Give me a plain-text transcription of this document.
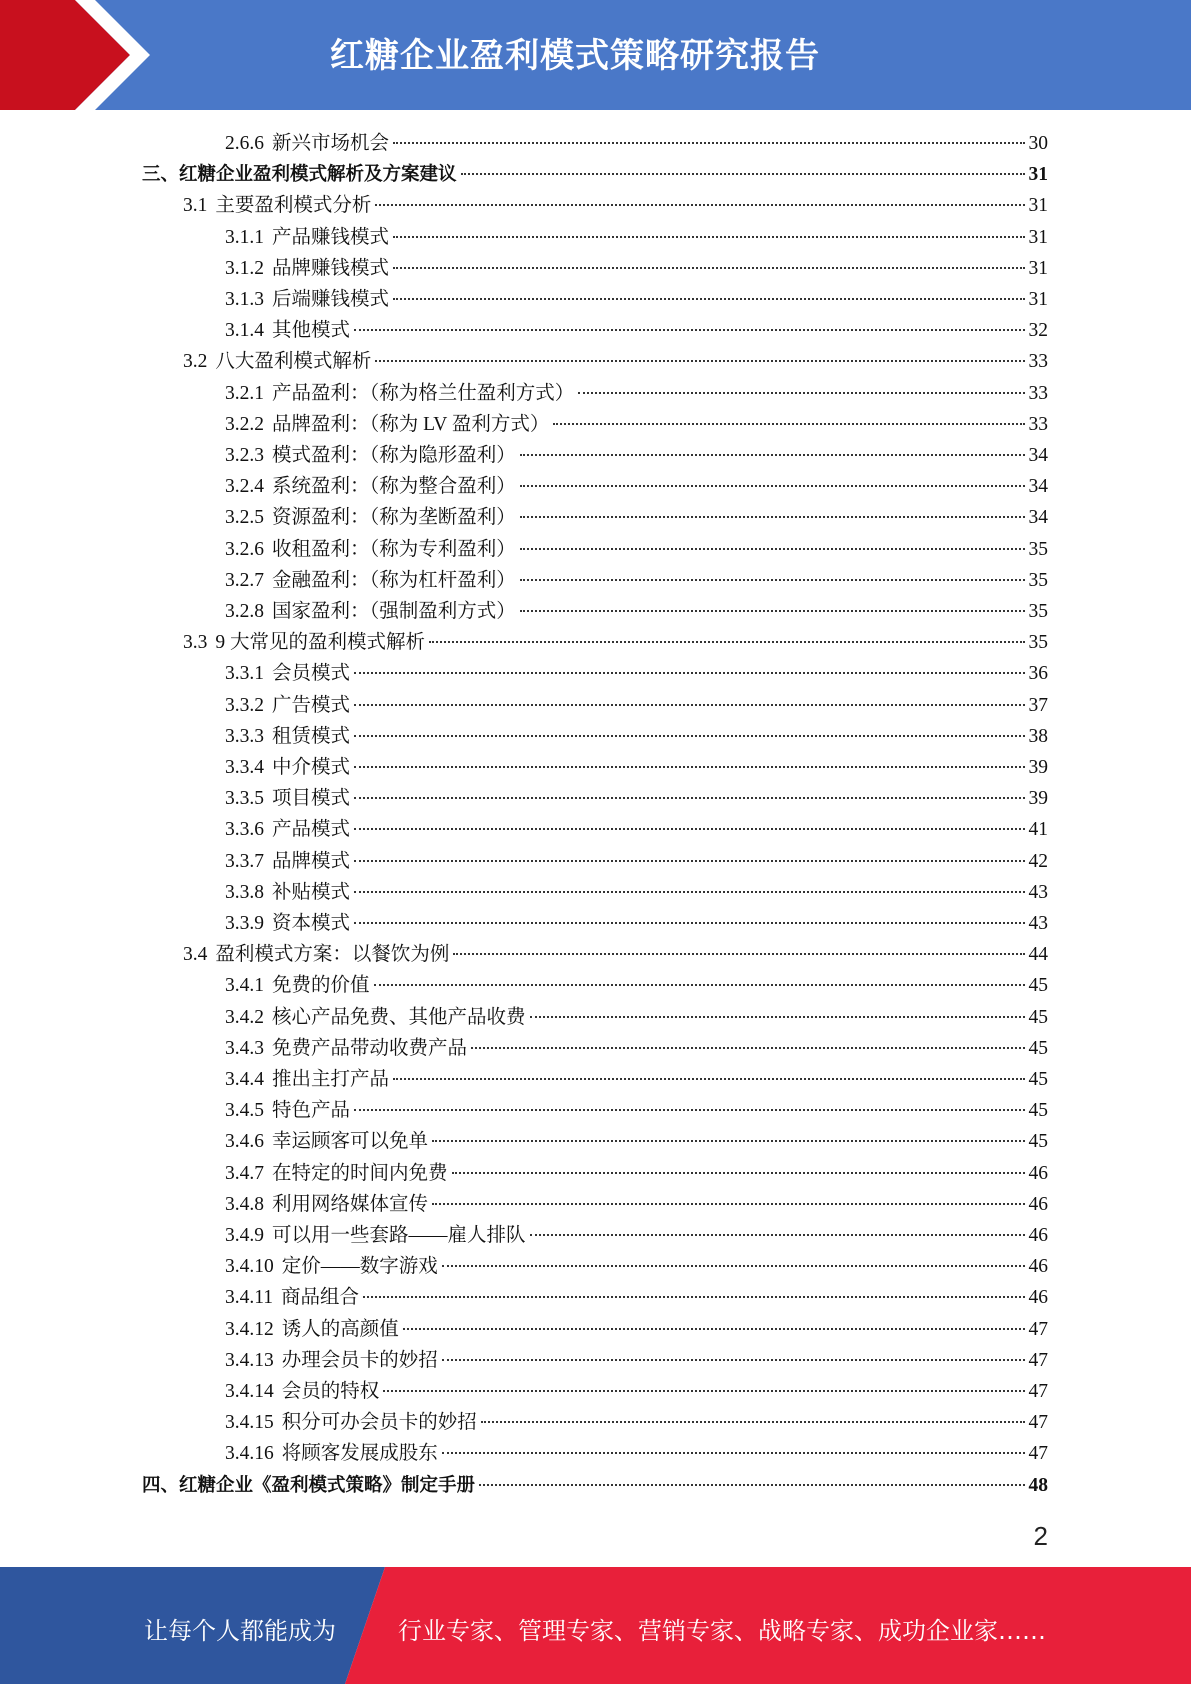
红糖企业盈利模式策略研究报告
2.6.6 新兴市场机会	30
三、红糖企业盈利模式解析及方案建议	31
3.1 主要盈利模式分析	31
3.1.1 产品赚钱模式	31
3.1.2 品牌赚钱模式	31
3.1.3 后端赚钱模式	31
3.1.4 其他模式	32
3.2 八大盈利模式解析	33
3.2.1 产品盈利：（称为格兰仕盈利方式）	33
3.2.2 品牌盈利：（称为 LV 盈利方式）	33
3.2.3 模式盈利：（称为隐形盈利）	34
3.2.4 系统盈利：（称为整合盈利）	34
3.2.5 资源盈利：（称为垄断盈利）	34
3.2.6 收租盈利：（称为专利盈利）	35
3.2.7 金融盈利：（称为杠杆盈利）	35
3.2.8 国家盈利：（强制盈利方式）	35
3.3 9 大常见的盈利模式解析	35
3.3.1 会员模式	36
3.3.2 广告模式	37
3.3.3 租赁模式	38
3.3.4 中介模式	39
3.3.5 项目模式	39
3.3.6 产品模式	41
3.3.7 品牌模式	42
3.3.8 补贴模式	43
3.3.9 资本模式	43
3.4 盈利模式方案：以餐饮为例	44
3.4.1 免费的价值	45
3.4.2 核心产品免费、其他产品收费	45
3.4.3 免费产品带动收费产品	45
3.4.4 推出主打产品	45
3.4.5 特色产品	45
3.4.6 幸运顾客可以免单	45
3.4.7 在特定的时间内免费	46
3.4.8 利用网络媒体宣传	46
3.4.9 可以用一些套路——雇人排队	46
3.4.10 定价——数字游戏	46
3.4.11 商品组合	46
3.4.12 诱人的高颜值	47
3.4.13 办理会员卡的妙招	47
3.4.14 会员的特权	47
3.4.15 积分可办会员卡的妙招	47
3.4.16 将顾客发展成股东	47
四、红糖企业《盈利模式策略》制定手册	48
2
让每个人都能成为	行业专家、管理专家、营销专家、战略专家、成功企业家……
